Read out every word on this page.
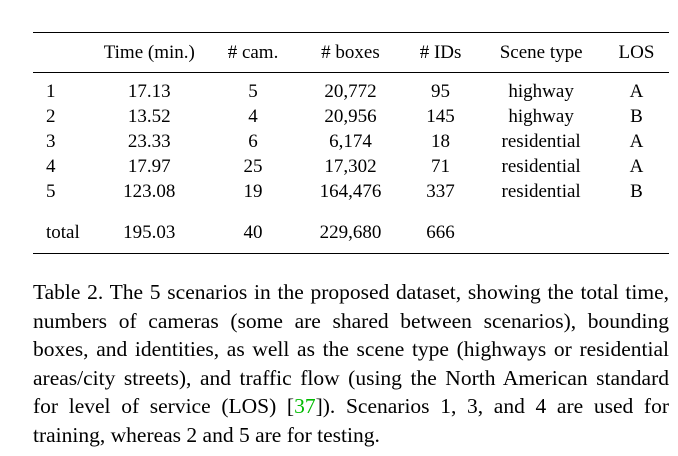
	Time (min.)	# cam.	# boxes	# IDs	Scene type	LOS
1	17.13	5	20,772	95	highway	A
2	13.52	4	20,956	145	highway	B
3	23.33	6	6,174	18	residential	A
4	17.97	25	17,302	71	residential	A
5	123.08	19	164,476	337	residential	B
total	195.03	40	229,680	666		

Table 2. The 5 scenarios in the proposed dataset, showing the total time, numbers of cameras (some are shared between scenarios), bounding boxes, and identities, as well as the scene type (highways or residential areas/city streets), and traffic flow (using the North American standard for level of service (LOS) [37]). Scenarios 1, 3, and 4 are used for training, whereas 2 and 5 are for testing.
